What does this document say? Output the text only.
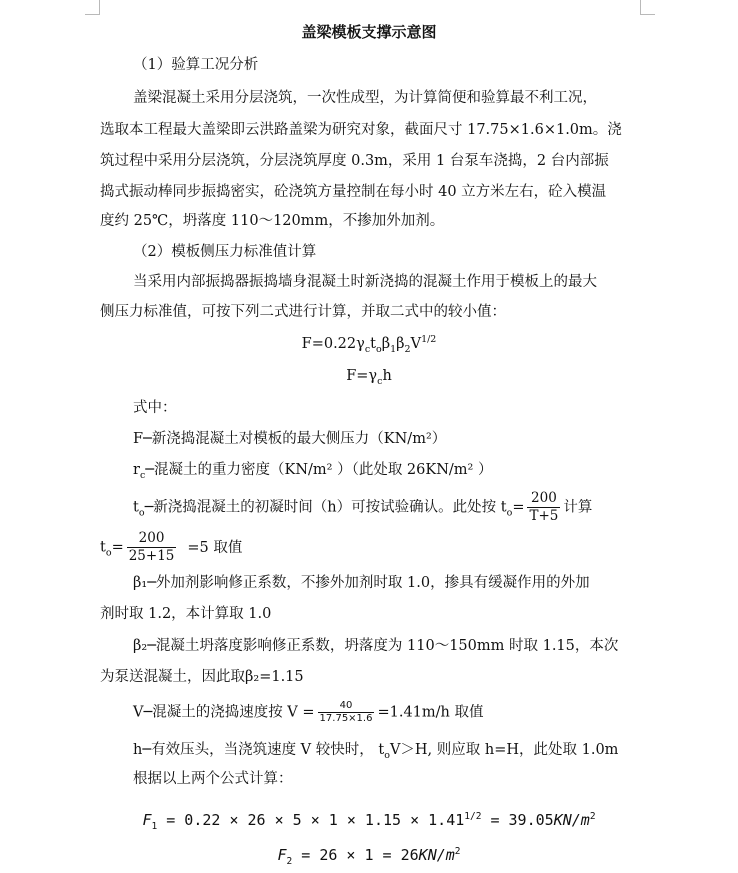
盖梁模板支撑示意图
（1）验算工况分析
盖梁混凝土采用分层浇筑，一次性成型，为计算简便和验算最不利工况，
选取本工程最大盖梁即云洪路盖梁为研究对象，截面尺寸 17.75×1.6×1.0m。浇
筑过程中采用分层浇筑，分层浇筑厚度 0.3m，采用 1 台泵车浇捣，2 台内部振
捣式振动棒同步振捣密实，砼浇筑方量控制在每小时 40 立方米左右，砼入模温
度约 25℃，坍落度 110～120mm，不掺加外加剂。
（2）模板侧压力标准值计算
当采用内部振捣器振捣墙身混凝土时新浇捣的混凝土作用于模板上的最大
侧压力标准值，可按下列二式进行计算，并取二式中的较小值：
$F=0.22\gamma_ct_o\beta_1\beta_2V^{1/2}$
$F=\gamma_ch$
式中：
F─新浇捣混凝土对模板的最大侧压力（KN/m²）
$r_c─$混凝土的重力密度（KN/m² ）（此处取 26KN/m² ）
$t_o─$新浇捣混凝土的初凝时间（h）可按试验确认。此处按 $t_o= \frac{200}{T+5}$ 计算
$t_o= \frac{200}{25+15} =5$ 取值
β₁─外加剂影响修正系数，不掺外加剂时取 1.0，掺具有缓凝作用的外加
剂时取 1.2，本计算取 1.0
β₂─混凝土坍落度影响修正系数，坍落度为 110～150mm 时取 1.15，本次
为泵送混凝土，因此取β₂=1.15
V─混凝土的浇捣速度按 $V = \frac{40}{17.75\times 1.6} =1.41m/h$ 取值
h─有效压头，当浇筑速度 V 较快时， $t_oV>H$, 则应取 h=H，此处取 1.0m
根据以上两个公式计算：
$F_1 = 0.22 \times 26 \times 5 \times 1 \times 1.15 \times 1.41^{1/2} = 39.05KN/m^2$
$F_2 = 26 \times 1 = 26KN/m^2$
